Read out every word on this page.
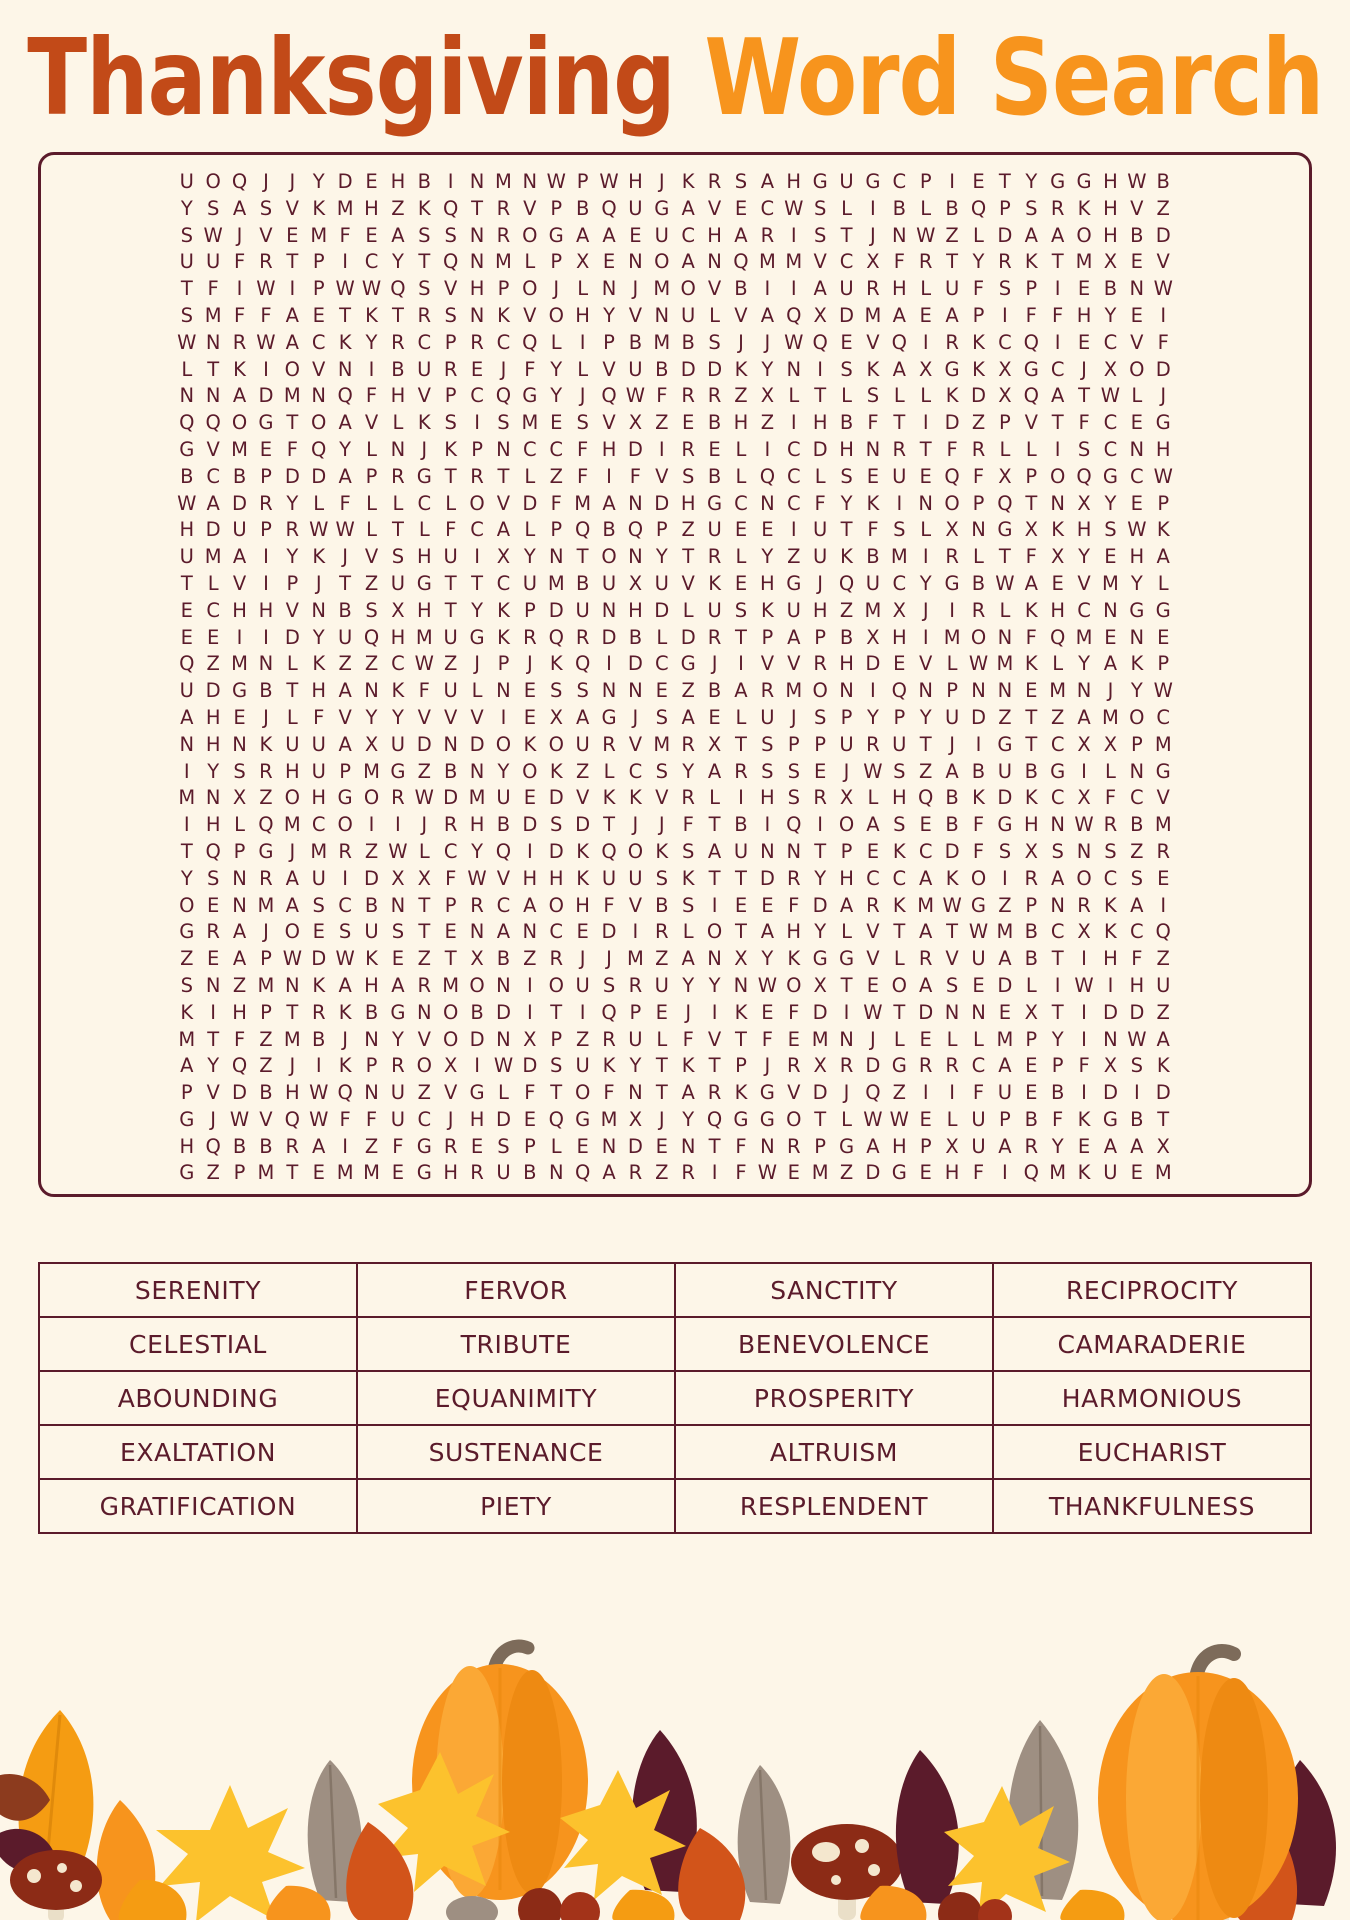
Thanksgiving Word Search
U O Q J	J Y D E H B I N M N W P W H J K R S A H G U G C P I E T Y G G H W B
Y S A S V K M H Z K Q T R V P B Q U G A V E C W S L I B L B Q P S R K H V Z
S W J V E M F E A S S N R O G A A E U C H A R I S T J N W Z L D A A O H B D
U U F R T P I C Y T Q N M L P X E N O A N Q M M V C X F R T Y R K T M X E V
T F I W I P W W Q S V H P O J L N J M O V B I	I A U R H L U F S P I E B N W
S M F F A E T K T R S N K V O H Y V N U L V A Q X D M A E A P I F F H Y E I
W N R W A C K Y R C P R C Q L I P B M B S J	J W Q E V Q I R K C Q I E C V F
L T K I O V N I B U R E J F Y L V U B D D K Y N I S K A X G K X G C J X O D
N N A D M N Q F H V P C Q G Y J Q W F R R Z X L T L S L L K D X Q A T W L J
Q Q O G T O A V L K S I S M E S V X Z E B H Z I H B F T I D Z P V T F C E G
G V M E F Q Y L N J K P N C C F H D I R E L I C D H N R T F R L L I S C N H
B C B P D D A P R G T R T L Z F I F V S B L Q C L S E U E Q F X P O Q G C W
W A D R Y L F L L C L O V D F M A N D H G C N C F Y K I N O P Q T N X Y E P
H D U P R W W L T L F C A L P Q B Q P Z U E E I U T F S L X N G X K H S W K
U M A I Y K J V S H U I X Y N T O N Y T R L Y Z U K B M I R L T F X Y E H A
T L V I P J T Z U G T T C U M B U X U V K E H G J Q U C Y G B W A E V M Y L
E C H H V N B S X H T Y K P D U N H D L U S K U H Z M X J	I R L K H C N G G
E E I	I D Y U Q H M U G K R Q R D B L D R T P A P B X H I M O N F Q M E N E
Q Z M N L K Z Z C W Z J P J K Q I D C G J	I V V R H D E V L W M K L Y A K P
U D G B T H A N K F U L N E S S N N E Z B A R M O N I Q N P N N E M N J Y W
A H E J L F V Y Y V V V I E X A G J S A E L U J S P Y P Y U D Z T Z A M O C
N H N K U U A X U D N D O K O U R V M R X T S P P U R U T J	I G T C X X P M
I Y S R H U P M G Z B N Y O K Z L C S Y A R S S E J W S Z A B U B G I L N G
M N X Z O H G O R W D M U E D V K K V R L I H S R X L H Q B K D K C X F C V
I H L Q M C O I	I	J R H B D S D T J	J F T B I Q I O A S E B F G H N W R B M
T Q P G J M R Z W L C Y Q I D K Q O K S A U N N T P E K C D F S X S N S Z R
Y S N R A U I D X X F W V H H K U U S K T T D R Y H C C A K O I R A O C S E
O E N M A S C B N T P R C A O H F V B S I E E F D A R K M W G Z P N R K A I
G R A J O E S U S T E N A N C E D I R L O T A H Y L V T A T W M B C X K C Q
Z E A P W D W K E Z T X B Z R J	J M Z A N X Y K G G V L R V U A B T I H F Z
S N Z M N K A H A R M O N I O U S R U Y Y N W O X T E O A S E D L I W I H U
K I H P T R K B G N O B D I T I Q P E J	I K E F D I W T D N N E X T I D D Z
M T F Z M B J N Y V O D N X P Z R U L F V T F E M N J L E L L M P Y I N W A
A Y Q Z J	I K P R O X I W D S U K Y T K T P J R X R D G R R C A E P F X S K
P V D B H W Q N U Z V G L F T O F N T A R K G V D J Q Z I	I F U E B I D I D
G J W V Q W F F U C J H D E Q G M X J Y Q G G O T L W W E L U P B F K G B T
H Q B B R A I Z F G R E S P L E N D E N T F N R P G A H P X U A R Y E A A X
G Z P M T E M M E G H R U B N Q A R Z R I F W E M Z D G E H F I Q M K U E M
SERENITY	FERVOR	SANCTITY	RECIPROCITY
CELESTIAL	TRIBUTE	BENEVOLENCE	CAMARADERIE
ABOUNDING	EQUANIMITY	PROSPERITY	HARMONIOUS
EXALTATION	SUSTENANCE	ALTRUISM	EUCHARIST
GRATIFICATION	PIETY	RESPLENDENT	THANKFULNESS
